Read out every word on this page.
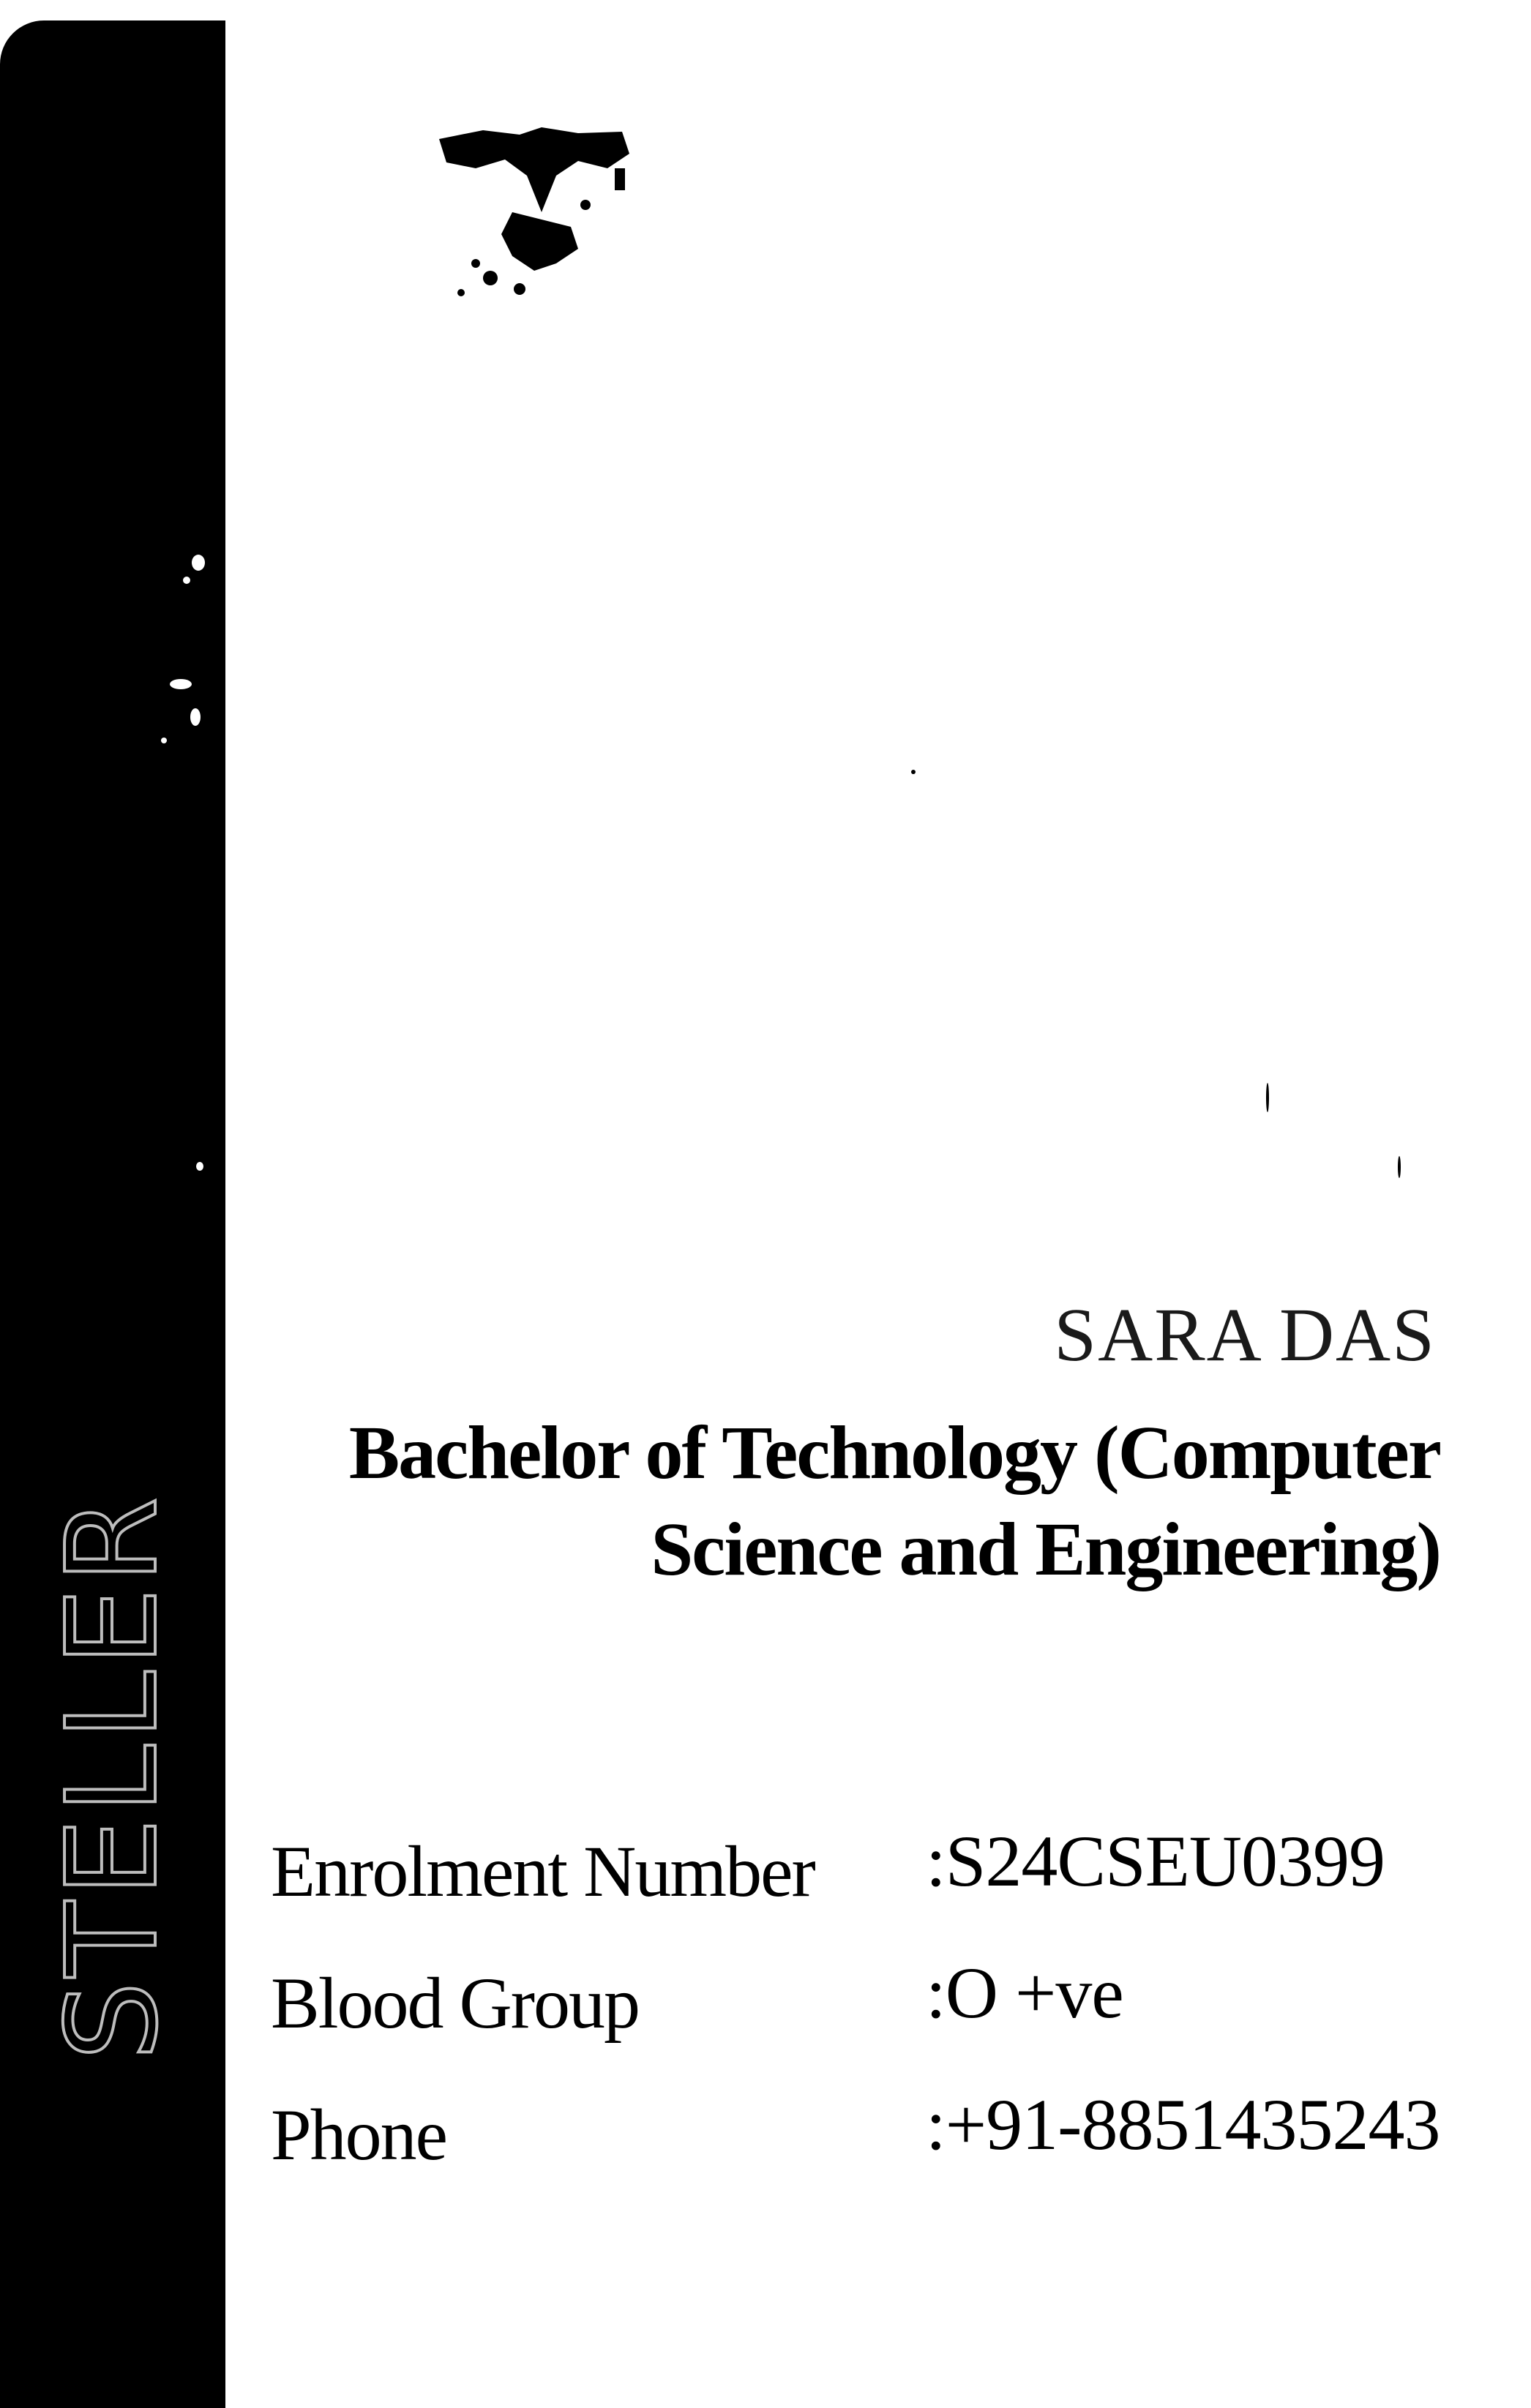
STELLER
SARA DAS
Bachelor of Technology (Computer Science and Engineering)
Enrolment Number :S24CSEU0399
Blood Group	:O +ve
Phone	:+91-8851435243
